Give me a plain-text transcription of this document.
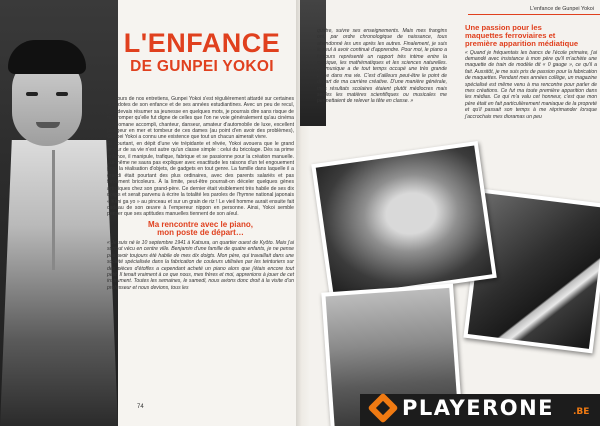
L'ENFANCE
DE GUNPEI YOKOI

Au cours de nos entretiens, Gunpei Yokoi s'est régulièrement attardé sur certaines anecdotes de son enfance et de ses années estudiantines. Avec un peu de recul, si je devais résumer sa jeunesse en quelques mots, je pourrais dire sans risque de me tromper qu'elle fut digne de celles que l'on ne voie généralement qu'au cinéma ! Mélomane accompli, chanteur, danseur, amateur d'automobile de luxe, excellent plongeur en mer et tombeur de ces dames (au point d'en avoir des problèmes), Gunpei Yokoi a connu une existence que tout un chacun aimerait vivre.

Et pourtant, en dépit d'une vie trépidante et rêvée, Yokoi avouera que le grand amour de sa vie n'est autre qu'un classe simple : celui du bricolage. Dès sa prime enfance, il manipule, trafique, fabrique et se passionne pour la création manuelle. Lui-même ne saura pas expliquer avec exactitude les raisons d'un tel engouement pour la réalisation d'objets, de gadgets en tout genre. La famille dans laquelle il a grandi était pourtant des plus ordinaires, avec des parents salariés et pas forcément bricoleurs. À la limite, peut-être pourrait-on déceler quelques gènes artistiques chez son grand-père. Ce dernier était visiblement très habile de ses dix doigts et serait parvenu à écrire la totalité les paroles de l'hymne national japonais « Kimi ga yo » au pinceau et sur un grain de riz ! Le vieil homme aurait ensuite fait cadeau de son œuvre à l'empereur nippon en personne. Ainsi, Yokoi semble penser que ses aptitudes manuelles tiennent de son aïeul.

Ma rencontre avec le piano,
mon poste de départ…

« Je suis né le 10 septembre 1941 à Katsura, un quartier ouest de Kyôto. Mais j'ai surtout vécu en centre ville. Benjamin d'une famille de quatre enfants, je ne pense pas avoir toujours été habile de mes dix doigts. Mon père, qui travaillait dans une société spécialisée dans la fabrication de couleurs utilisées par les teinturiers sur des pièces d'étoffes a cependant acheté un piano alors que j'étais encore tout petit. Il tenait vraiment à ce que nous, mes frères et moi, apprenions à jouer de cet instrument. Toutes les semaines, le samedi, nous avions donc droit à la visite d'un professeur et nous devions, tous les

74
L'enfance de Gunpei Yokoi
quatre, suivre ses enseignements. Mais mes frangins ont, par ordre chronologique de naissance, tous abandonné les uns après les autres. Finalement, je suis le seul à avoir continué d'apprendre. Pour moi, le piano a toujours représenté un rapport très intime entre la musique, les mathématiques et les sciences naturelles. La musique a de tout temps occupé une très grande place dans ma vie. C'est d'ailleurs peut-être le point de départ de ma carrière créative. D'une manière générale, mes résultats scolaires étaient plutôt médiocres mais seules les matières scientifiques ou musicales me permettaient de relever la tête en classe. »
Une passion pour les
maquettes ferroviaires et
première apparition médiatique
« Quand je fréquentais les bancs de l'école primaire, j'ai demandé avec insistance à mon père qu'il m'achète une maquette de train de modèle dit « 0 gauge », ce qu'il a fait. Aussitôt, je me suis pris de passion pour la fabrication de maquettes. Pendant mes années collège, un magazine spécialisé est même venu à ma rencontre pour parler de mes créations. Ce fut ma toute première apparition dans les médias. Ce qui m'a valu cet honneur, c'est que mon père était en fait particulièrement maniaque de la propreté et qu'il passait son temps à me réprimander lorsque j'accrochais mes dioramas un peu
PLAYERONE .BE
